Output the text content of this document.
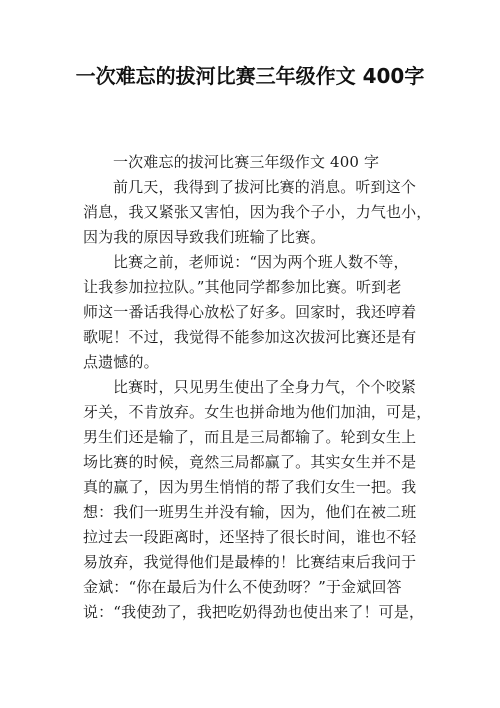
一次难忘的拔河比赛三年级作文 400字

一次难忘的拔河比赛三年级作文 400 字

前几天，我得到了拔河比赛的消息。听到这个
消息，我又紧张又害怕，因为我个子小，力气也小，
因为我的原因导致我们班输了比赛。

比赛之前，老师说：“因为两个班人数不等，
让我参加拉拉队。”其他同学都参加比赛。听到老
师这一番话我得心放松了好多。回家时，我还哼着
歌呢！不过，我觉得不能参加这次拔河比赛还是有
点遗憾的。

比赛时，只见男生使出了全身力气，个个咬紧
牙关，不肯放弃。女生也拼命地为他们加油，可是，
男生们还是输了，而且是三局都输了。轮到女生上
场比赛的时候，竟然三局都赢了。其实女生并不是
真的赢了，因为男生悄悄的帮了我们女生一把。我
想：我们一班男生并没有输，因为，他们在被二班
拉过去一段距离时，还坚持了很长时间，谁也不轻
易放弃，我觉得他们是最棒的！比赛结束后我问于
金斌：“你在最后为什么不使劲呀？”于金斌回答
说：“我使劲了，我把吃奶得劲也使出来了！可是，
